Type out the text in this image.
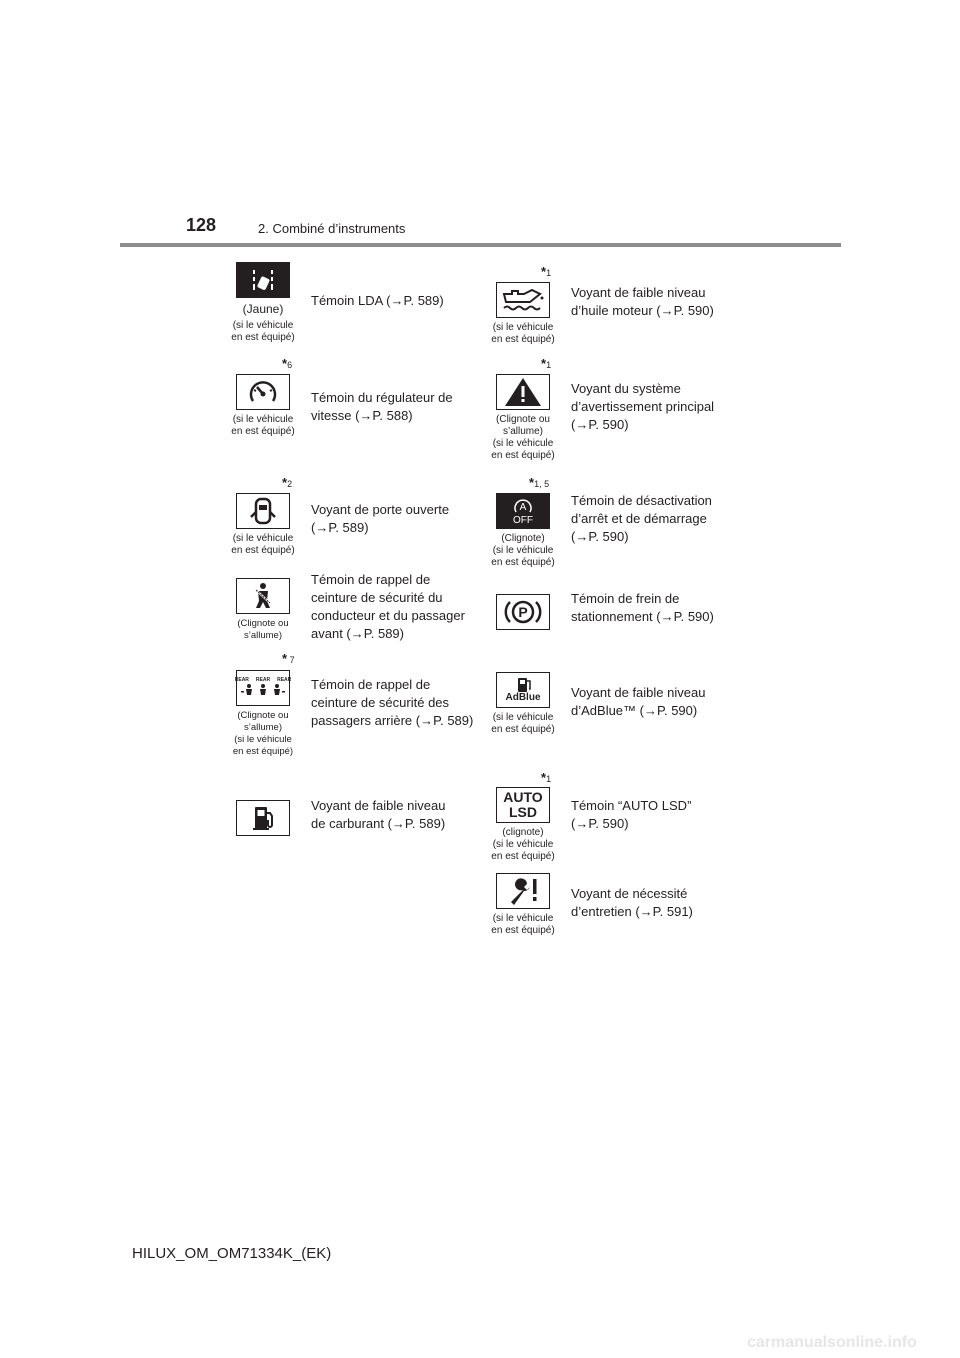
128	2. Combiné d’instruments
(Jaune)
(si le véhicule
en est équipé)
Témoin LDA (→P. 589)
*1
(si le véhicule
en est équipé)
Voyant de faible niveau
d’huile moteur (→P. 590)
*6
(si le véhicule
en est équipé)
Témoin du régulateur de
vitesse (→P. 588)
*1
(Clignote ou
s’allume)
(si le véhicule
en est équipé)
Voyant du système
d’avertissement principal
(→P. 590)
*2
(si le véhicule
en est équipé)
Voyant de porte ouverte
(→P. 589)
*1, 5
A
OFF
(Clignote)
(si le véhicule
en est équipé)
Témoin de désactivation
d’arrêt et de démarrage
(→P. 590)
(Clignote ou
s’allume)
Témoin de rappel de
ceinture de sécurité du
conducteur et du passager
avant (→P. 589)
P
Témoin de frein de
stationnement (→P. 590)
* 7
REAR REAR REAR
(Clignote ou
s’allume)
(si le véhicule
en est équipé)
Témoin de rappel de
ceinture de sécurité des
passagers arrière (→P. 589)
AdBlue
(si le véhicule
en est équipé)
Voyant de faible niveau
d’AdBlue™ (→P. 590)
Voyant de faible niveau
de carburant (→P. 589)
*1
AUTO
LSD
(clignote)
(si le véhicule
en est équipé)
Témoin “AUTO LSD”
(→P. 590)
(si le véhicule
en est équipé)
Voyant de nécessité
d’entretien (→P. 591)
HILUX_OM_OM71334K_(EK)
carmanualsonline.info
